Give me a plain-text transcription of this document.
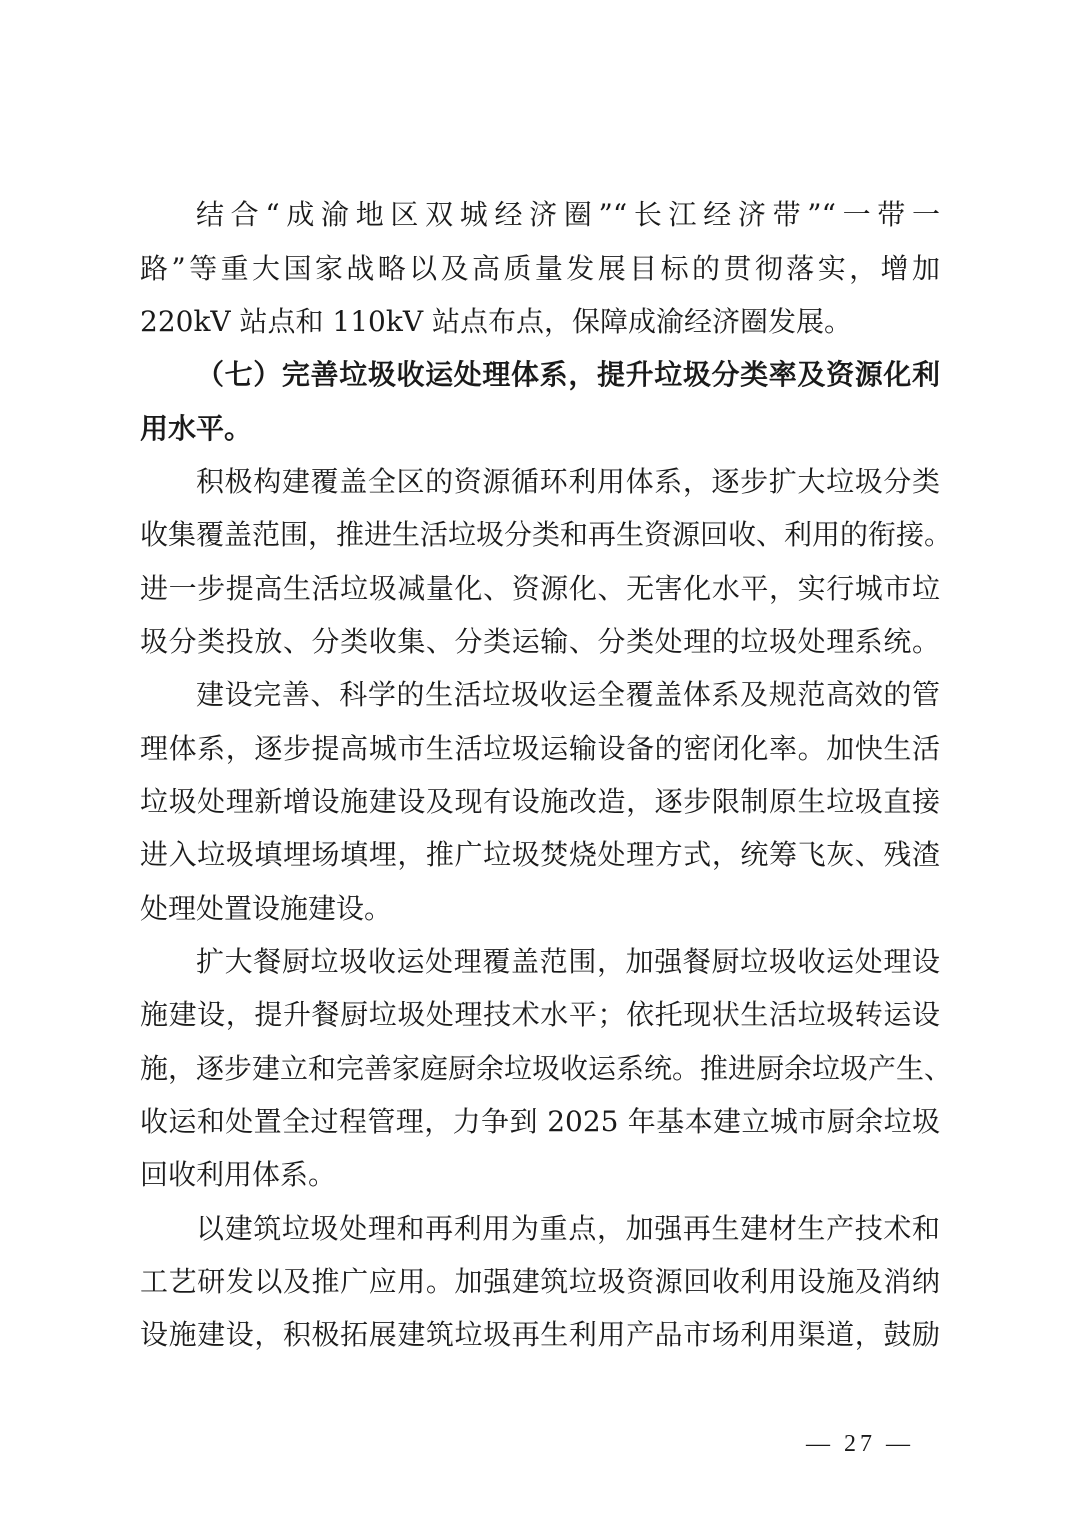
结合“成渝地区双城经济圈”“长江经济带”“一带一
路”等重大国家战略以及高质量发展目标的贯彻落实，增加
220kV 站点和 110kV 站点布点，保障成渝经济圈发展。
（七）完善垃圾收运处理体系，提升垃圾分类率及资源化利
用水平。
积极构建覆盖全区的资源循环利用体系，逐步扩大垃圾分类
收集覆盖范围，推进生活垃圾分类和再生资源回收、利用的衔接。
进一步提高生活垃圾减量化、资源化、无害化水平，实行城市垃
圾分类投放、分类收集、分类运输、分类处理的垃圾处理系统。
建设完善、科学的生活垃圾收运全覆盖体系及规范高效的管
理体系，逐步提高城市生活垃圾运输设备的密闭化率。加快生活
垃圾处理新增设施建设及现有设施改造，逐步限制原生垃圾直接
进入垃圾填埋场填埋，推广垃圾焚烧处理方式，统筹飞灰、残渣
处理处置设施建设。
扩大餐厨垃圾收运处理覆盖范围，加强餐厨垃圾收运处理设
施建设，提升餐厨垃圾处理技术水平；依托现状生活垃圾转运设
施，逐步建立和完善家庭厨余垃圾收运系统。推进厨余垃圾产生、
收运和处置全过程管理，力争到 2025 年基本建立城市厨余垃圾
回收利用体系。
以建筑垃圾处理和再利用为重点，加强再生建材生产技术和
工艺研发以及推广应用。加强建筑垃圾资源回收利用设施及消纳
设施建设，积极拓展建筑垃圾再生利用产品市场利用渠道，鼓励
— 27 —
